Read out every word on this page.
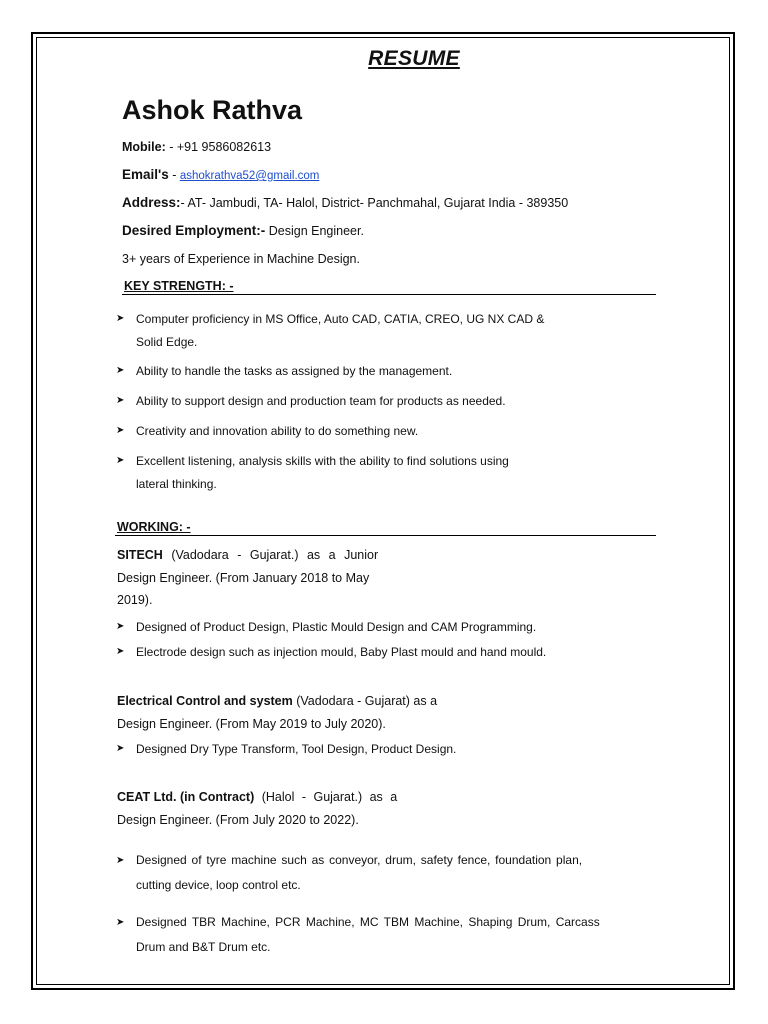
RESUME
Ashok Rathva
Mobile: - +91 9586082613
Email's - ashokrathva52@gmail.com
Address:- AT- Jambudi, TA- Halol, District- Panchmahal, Gujarat India - 389350
Desired Employment:- Design Engineer.
3+ years of Experience in Machine Design.
KEY STRENGTH: -
➤ Computer proficiency in MS Office, Auto CAD, CATIA, CREO, UG NX CAD &
Solid Edge.
➤ Ability to handle the tasks as assigned by the management.
➤ Ability to support design and production team for products as needed.
➤ Creativity and innovation ability to do something new.
➤ Excellent listening, analysis skills with the ability to find solutions using
lateral thinking.
WORKING: -
SITECH (Vadodara - Gujarat.) as a Junior
Design Engineer. (From January 2018 to May
2019).
➤ Designed of Product Design, Plastic Mould Design and CAM Programming.
➤ Electrode design such as injection mould, Baby Plast mould and hand mould.
Electrical Control and system (Vadodara - Gujarat) as a
Design Engineer. (From May 2019 to July 2020).
➤ Designed Dry Type Transform, Tool Design, Product Design.
CEAT Ltd. (in Contract) (Halol - Gujarat.) as a
Design Engineer. (From July 2020 to 2022).
➤ Designed of tyre machine such as conveyor, drum, safety fence, foundation plan,
cutting device, loop control etc.
➤ Designed TBR Machine, PCR Machine, MC TBM Machine, Shaping Drum, Carcass
Drum and B&T Drum etc.
